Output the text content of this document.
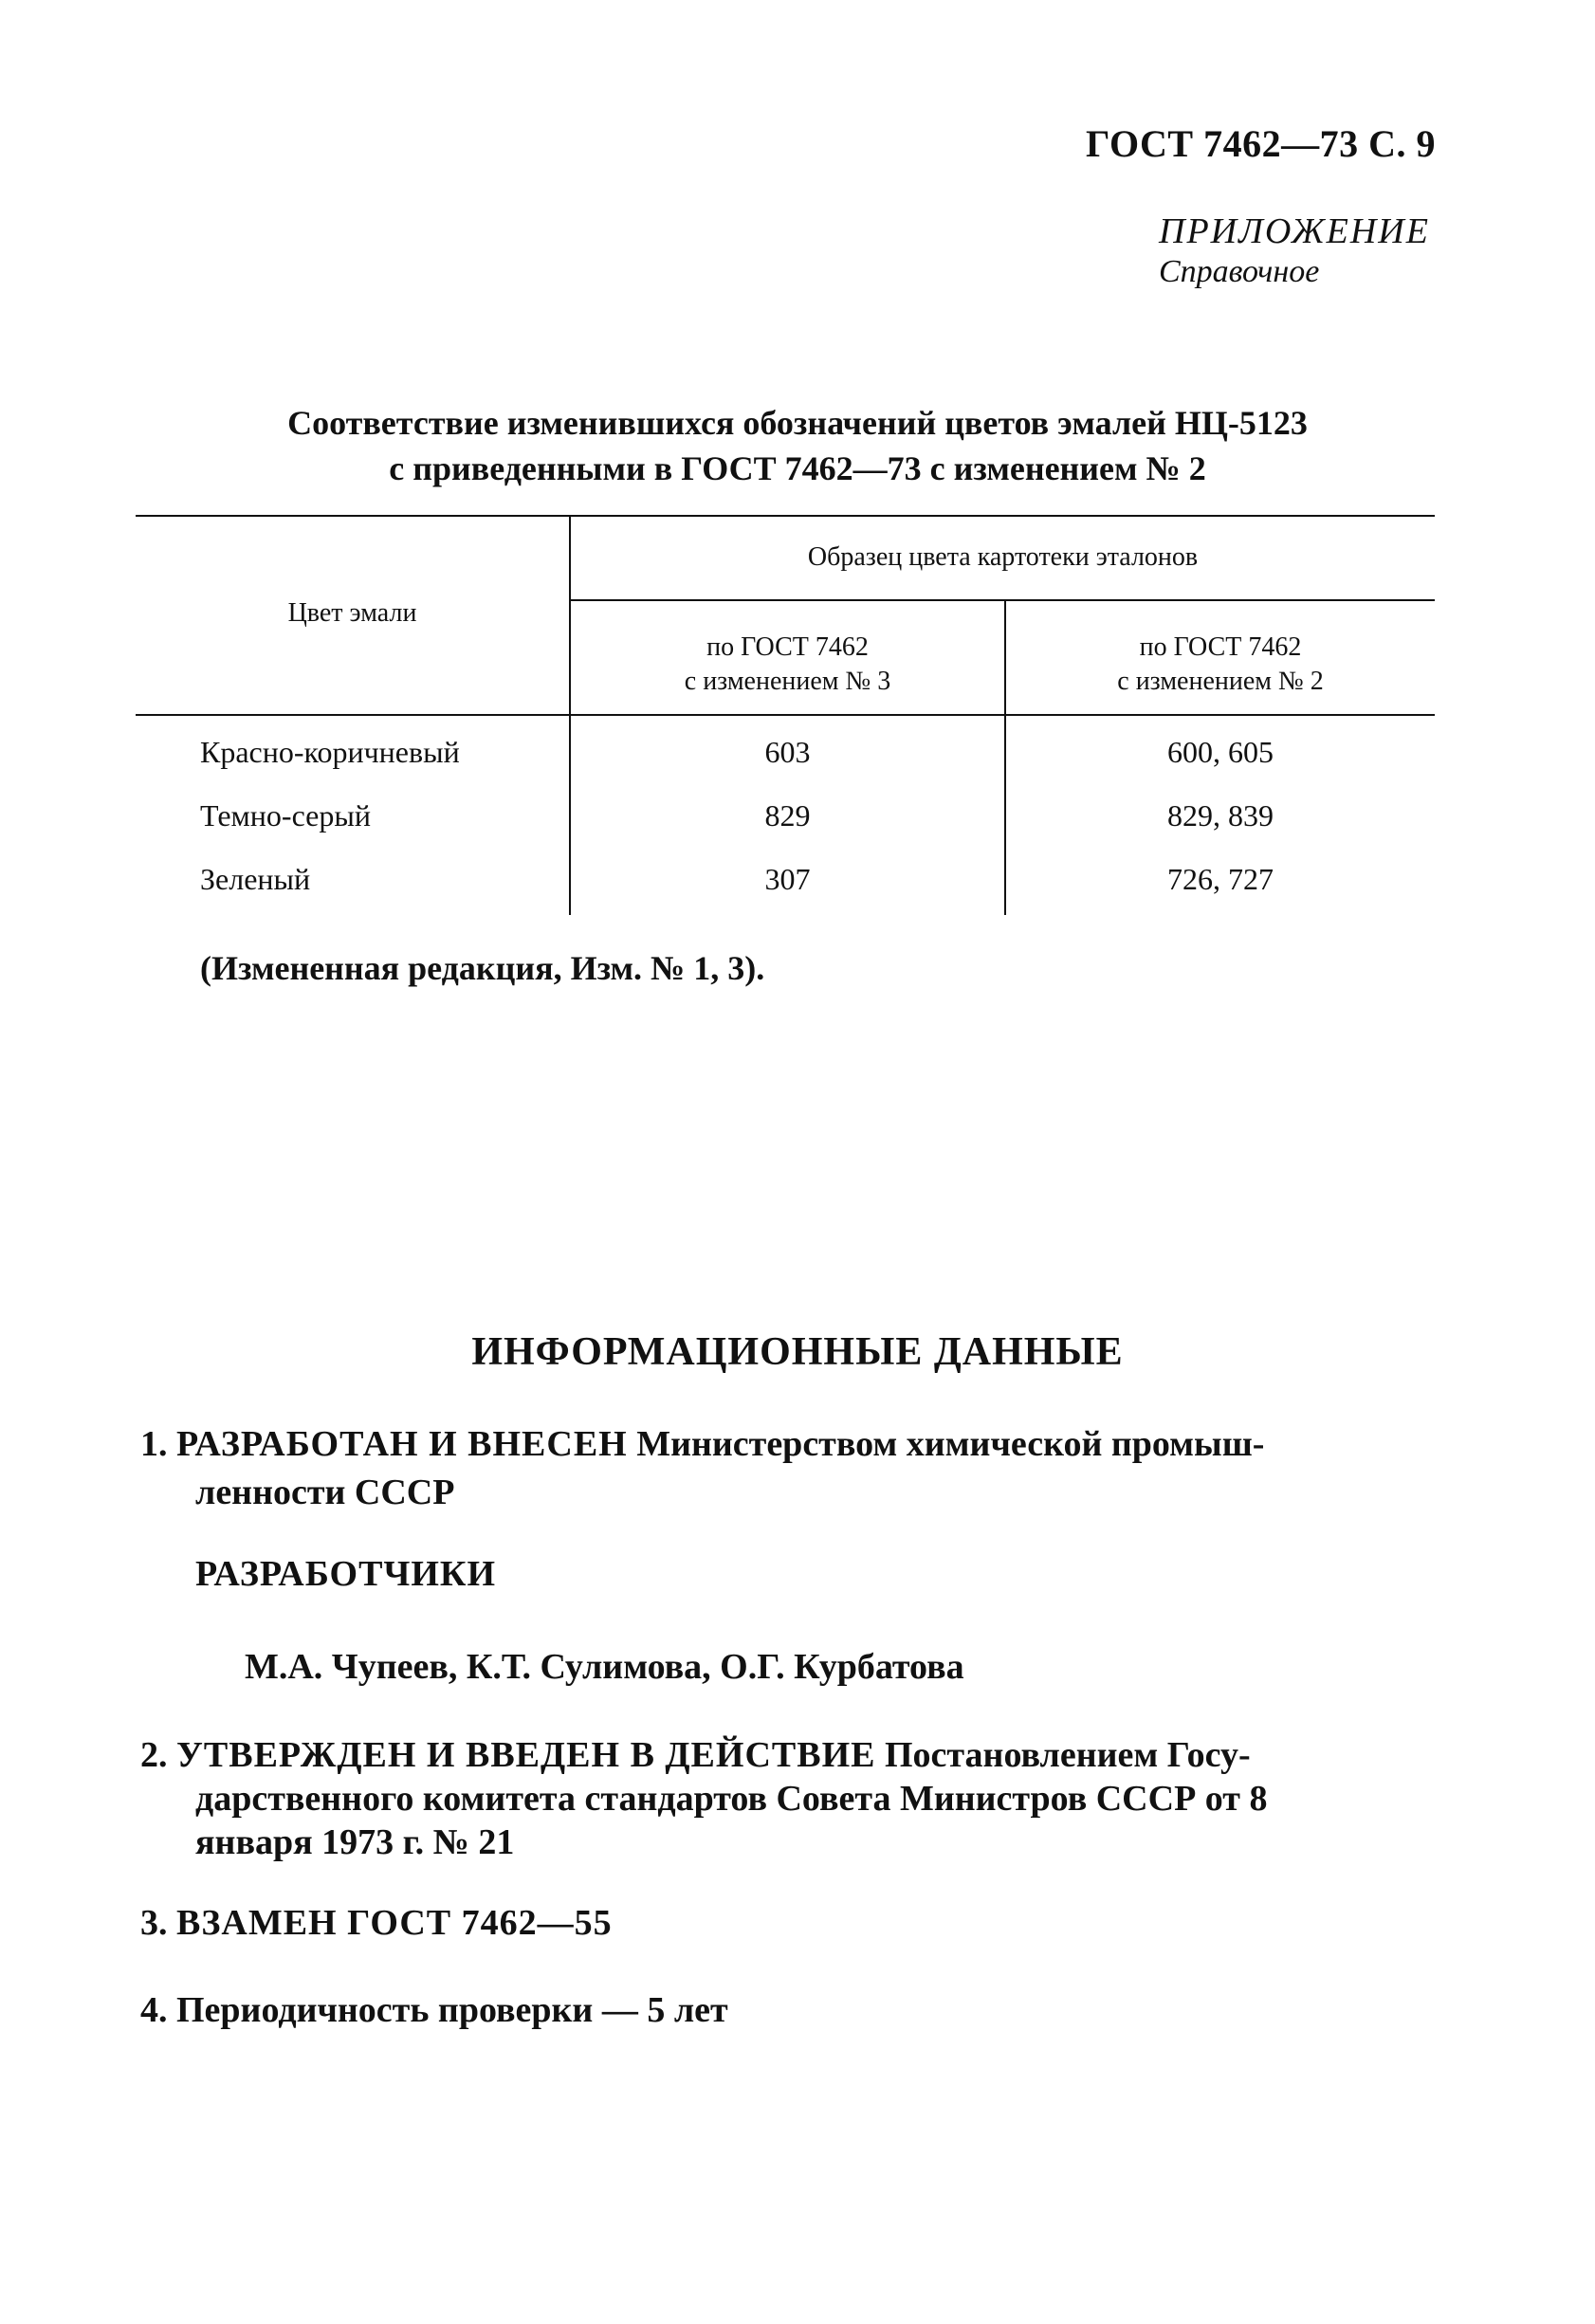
ГОСТ 7462—73 С. 9
ПРИЛОЖЕНИЕ
Справочное
Соответствие изменившихся обозначений цветов эмалей НЦ-5123
с приведенными в ГОСТ 7462—73 с изменением № 2
Цвет эмали
Образец цвета картотеки эталонов
по ГОСТ 7462
с изменением № 3
по ГОСТ 7462
с изменением № 2
Красно-коричневый	603	600, 605
Темно-серый	829	829, 839
Зеленый	307	726, 727
(Измененная редакция, Изм. № 1, 3).
ИНФОРМАЦИОННЫЕ ДАННЫЕ
1. РАЗРАБОТАН И ВНЕСЕН Министерством химической промыш-
ленности СССР
РАЗРАБОТЧИКИ
М.А. Чупеев, К.Т. Сулимова, О.Г. Курбатова
2. УТВЕРЖДЕН И ВВЕДЕН В ДЕЙСТВИЕ Постановлением Госу-
дарственного комитета стандартов Совета Министров СССР от 8
января 1973 г. № 21
3. ВЗАМЕН ГОСТ 7462—55
4. Периодичность проверки — 5 лет
